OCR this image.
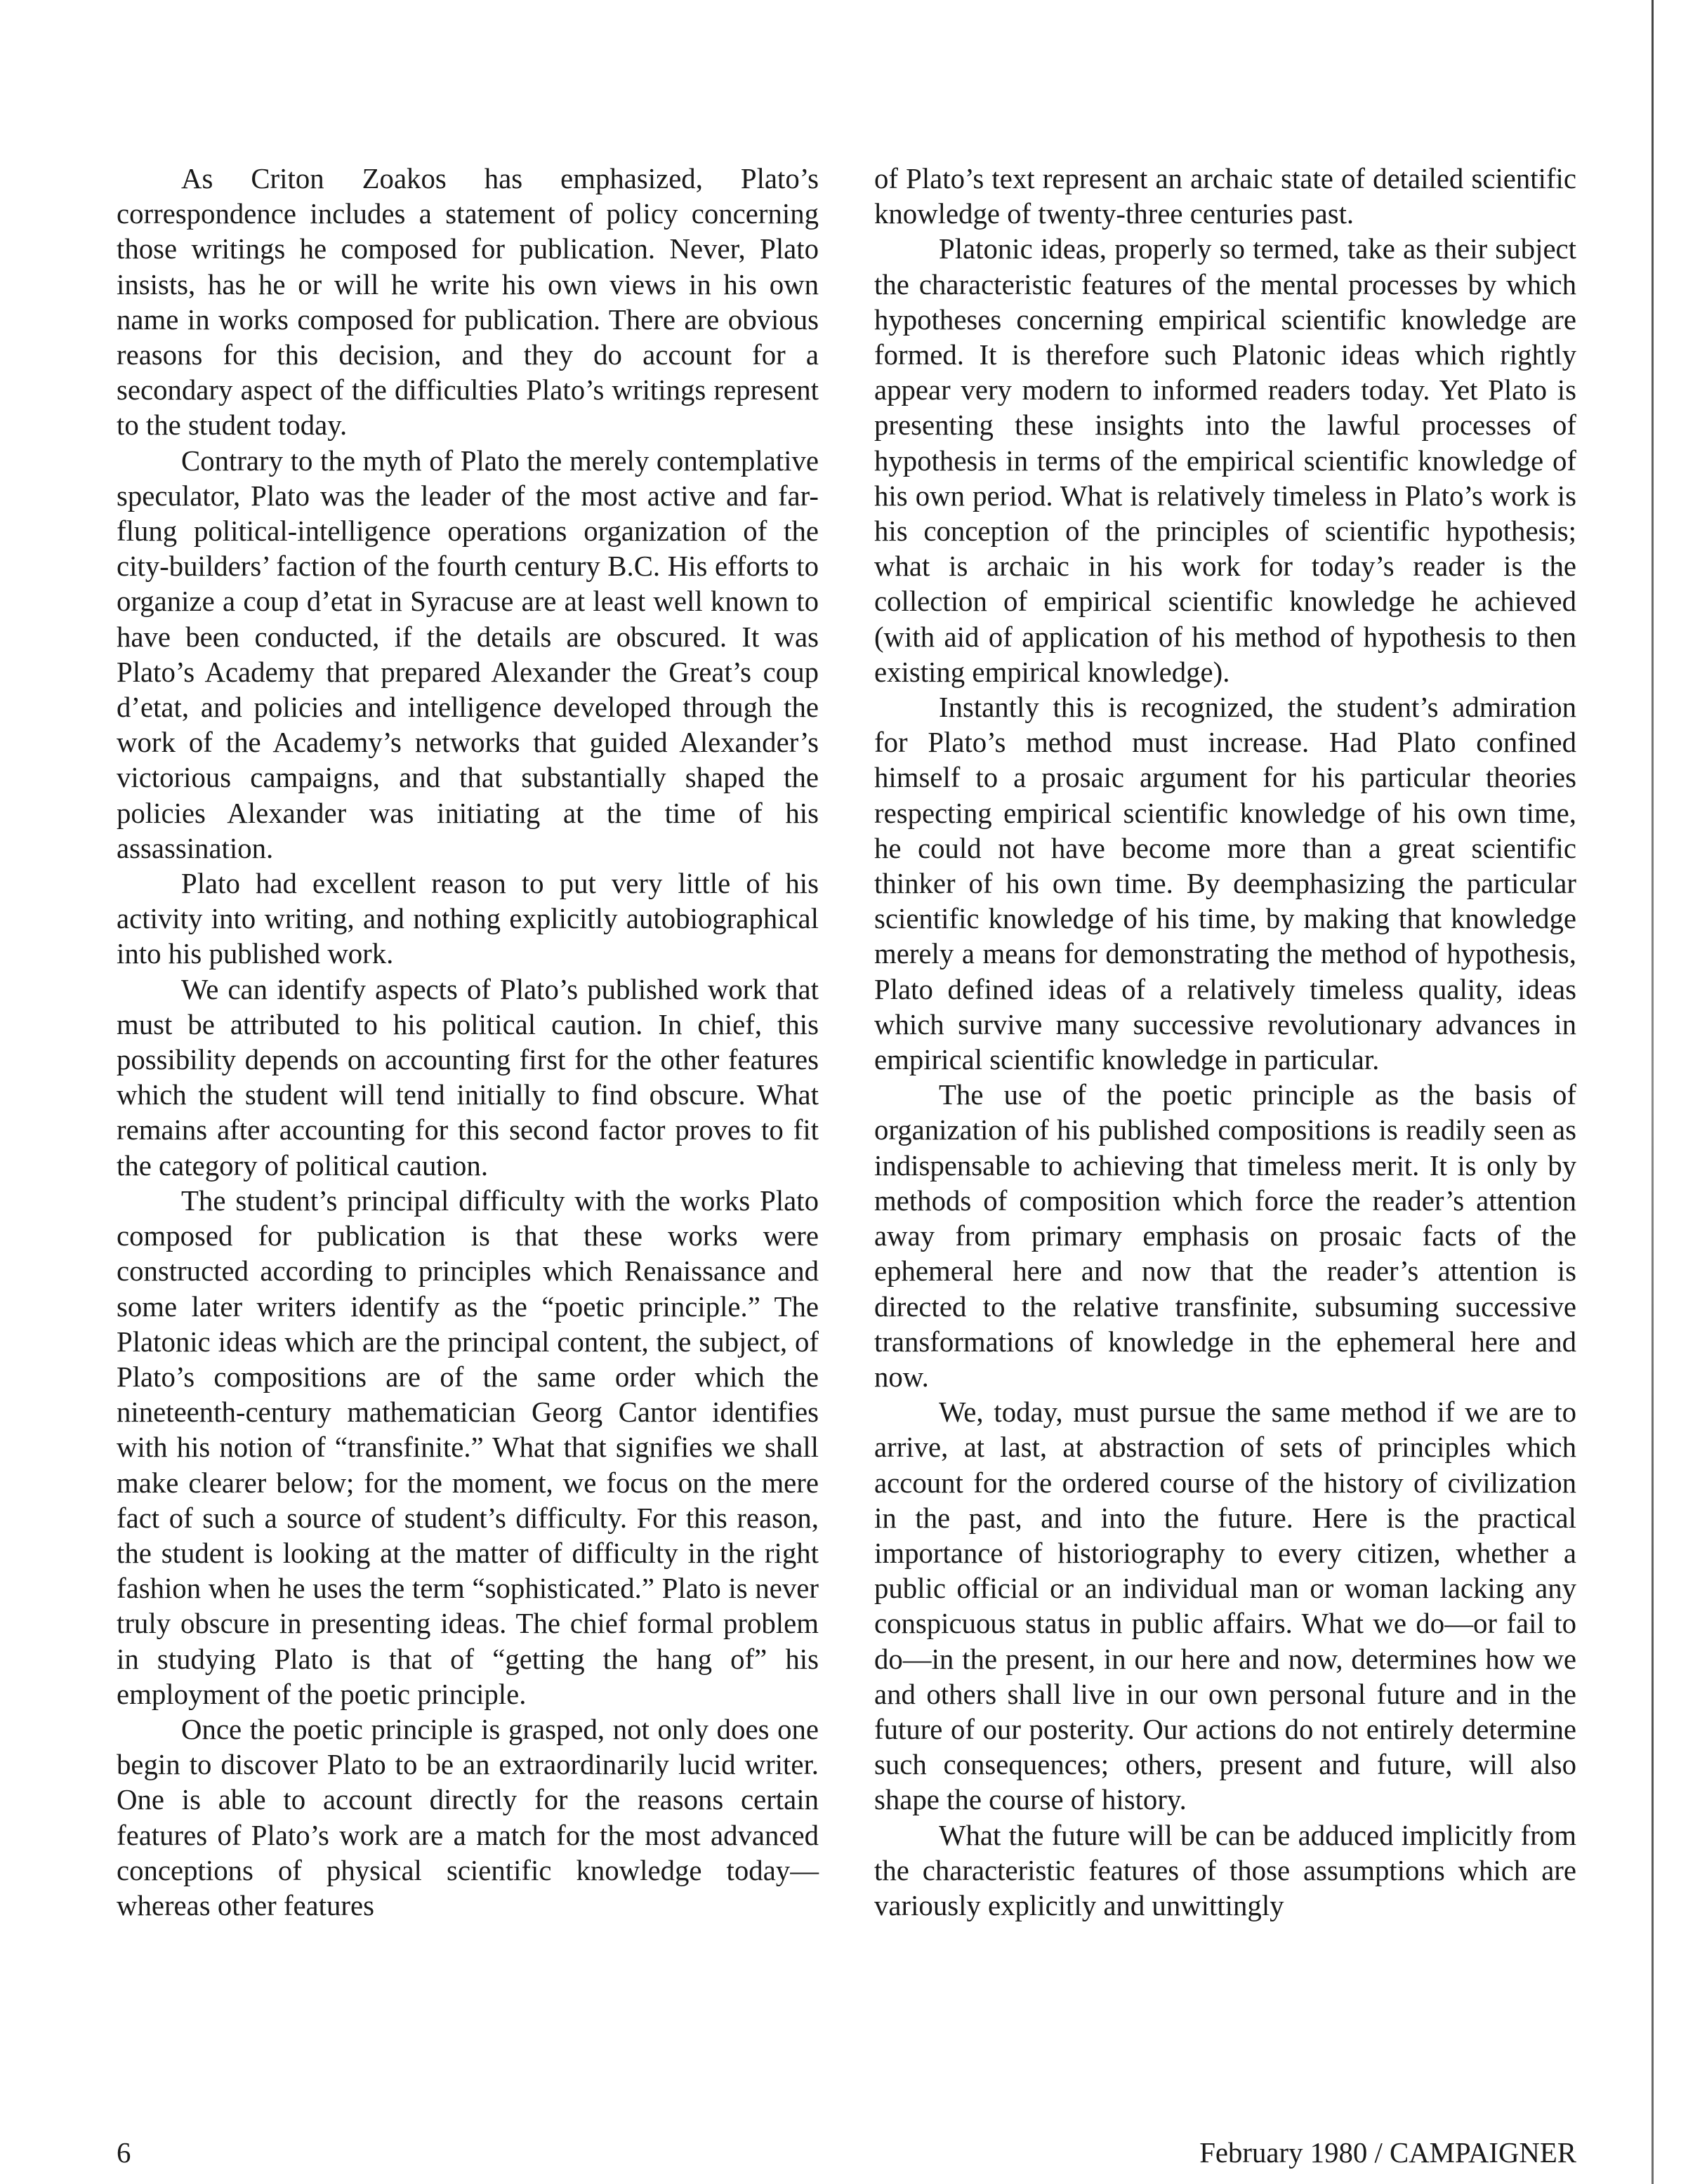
As Criton Zoakos has emphasized, Plato’s correspondence includes a statement of policy concerning those writings he composed for publication. Never, Plato insists, has he or will he write his own views in his own name in works composed for publication. There are obvious reasons for this decision, and they do account for a secondary aspect of the difficulties Plato’s writings represent to the student today.

Contrary to the myth of Plato the merely contemplative speculator, Plato was the leader of the most active and far-flung political-intelligence operations organization of the city-builders’ faction of the fourth century B.C. His efforts to organize a coup d’etat in Syracuse are at least well known to have been conducted, if the details are obscured. It was Plato’s Academy that prepared Alexander the Great’s coup d’etat, and policies and intelligence developed through the work of the Academy’s networks that guided Alexander’s victorious campaigns, and that substantially shaped the policies Alexander was initiating at the time of his assassination.

Plato had excellent reason to put very little of his activity into writing, and nothing explicitly autobiographical into his published work.

We can identify aspects of Plato’s published work that must be attributed to his political caution. In chief, this possibility depends on accounting first for the other features which the student will tend initially to find obscure. What remains after accounting for this second factor proves to fit the category of political caution.

The student’s principal difficulty with the works Plato composed for publication is that these works were constructed according to principles which Renaissance and some later writers identify as the “poetic principle.” The Platonic ideas which are the principal content, the subject, of Plato’s compositions are of the same order which the nineteenth-century mathematician Georg Cantor identifies with his notion of “transfinite.” What that signifies we shall make clearer below; for the moment, we focus on the mere fact of such a source of student’s difficulty. For this reason, the student is looking at the matter of difficulty in the right fashion when he uses the term “sophisticated.” Plato is never truly obscure in presenting ideas. The chief formal problem in studying Plato is that of “getting the hang of” his employment of the poetic principle.

Once the poetic principle is grasped, not only does one begin to discover Plato to be an extraordinarily lucid writer. One is able to account directly for the reasons certain features of Plato’s work are a match for the most advanced conceptions of physical scientific knowledge today—whereas other features

of Plato’s text represent an archaic state of detailed scientific knowledge of twenty-three centuries past.

Platonic ideas, properly so termed, take as their subject the characteristic features of the mental processes by which hypotheses concerning empirical scientific knowledge are formed. It is therefore such Platonic ideas which rightly appear very modern to informed readers today. Yet Plato is presenting these insights into the lawful processes of hypothesis in terms of the empirical scientific knowledge of his own period. What is relatively timeless in Plato’s work is his conception of the principles of scientific hypothesis; what is archaic in his work for today’s reader is the collection of empirical scientific knowledge he achieved (with aid of application of his method of hypothesis to then existing empirical knowledge).

Instantly this is recognized, the student’s admiration for Plato’s method must increase. Had Plato confined himself to a prosaic argument for his particular theories respecting empirical scientific knowledge of his own time, he could not have become more than a great scientific thinker of his own time. By deemphasizing the particular scientific knowledge of his time, by making that knowledge merely a means for demonstrating the method of hypothesis, Plato defined ideas of a relatively timeless quality, ideas which survive many successive revolutionary advances in empirical scientific knowledge in particular.

The use of the poetic principle as the basis of organization of his published compositions is readily seen as indispensable to achieving that timeless merit. It is only by methods of composition which force the reader’s attention away from primary emphasis on prosaic facts of the ephemeral here and now that the reader’s attention is directed to the relative transfinite, subsuming successive transformations of knowledge in the ephemeral here and now.

We, today, must pursue the same method if we are to arrive, at last, at abstraction of sets of principles which account for the ordered course of the history of civilization in the past, and into the future. Here is the practical importance of historiography to every citizen, whether a public official or an individual man or woman lacking any conspicuous status in public affairs. What we do—or fail to do—in the present, in our here and now, determines how we and others shall live in our own personal future and in the future of our posterity. Our actions do not entirely determine such consequences; others, present and future, will also shape the course of history.

What the future will be can be adduced implicitly from the characteristic features of those assumptions which are variously explicitly and unwittingly

6	February 1980 / CAMPAIGNER
